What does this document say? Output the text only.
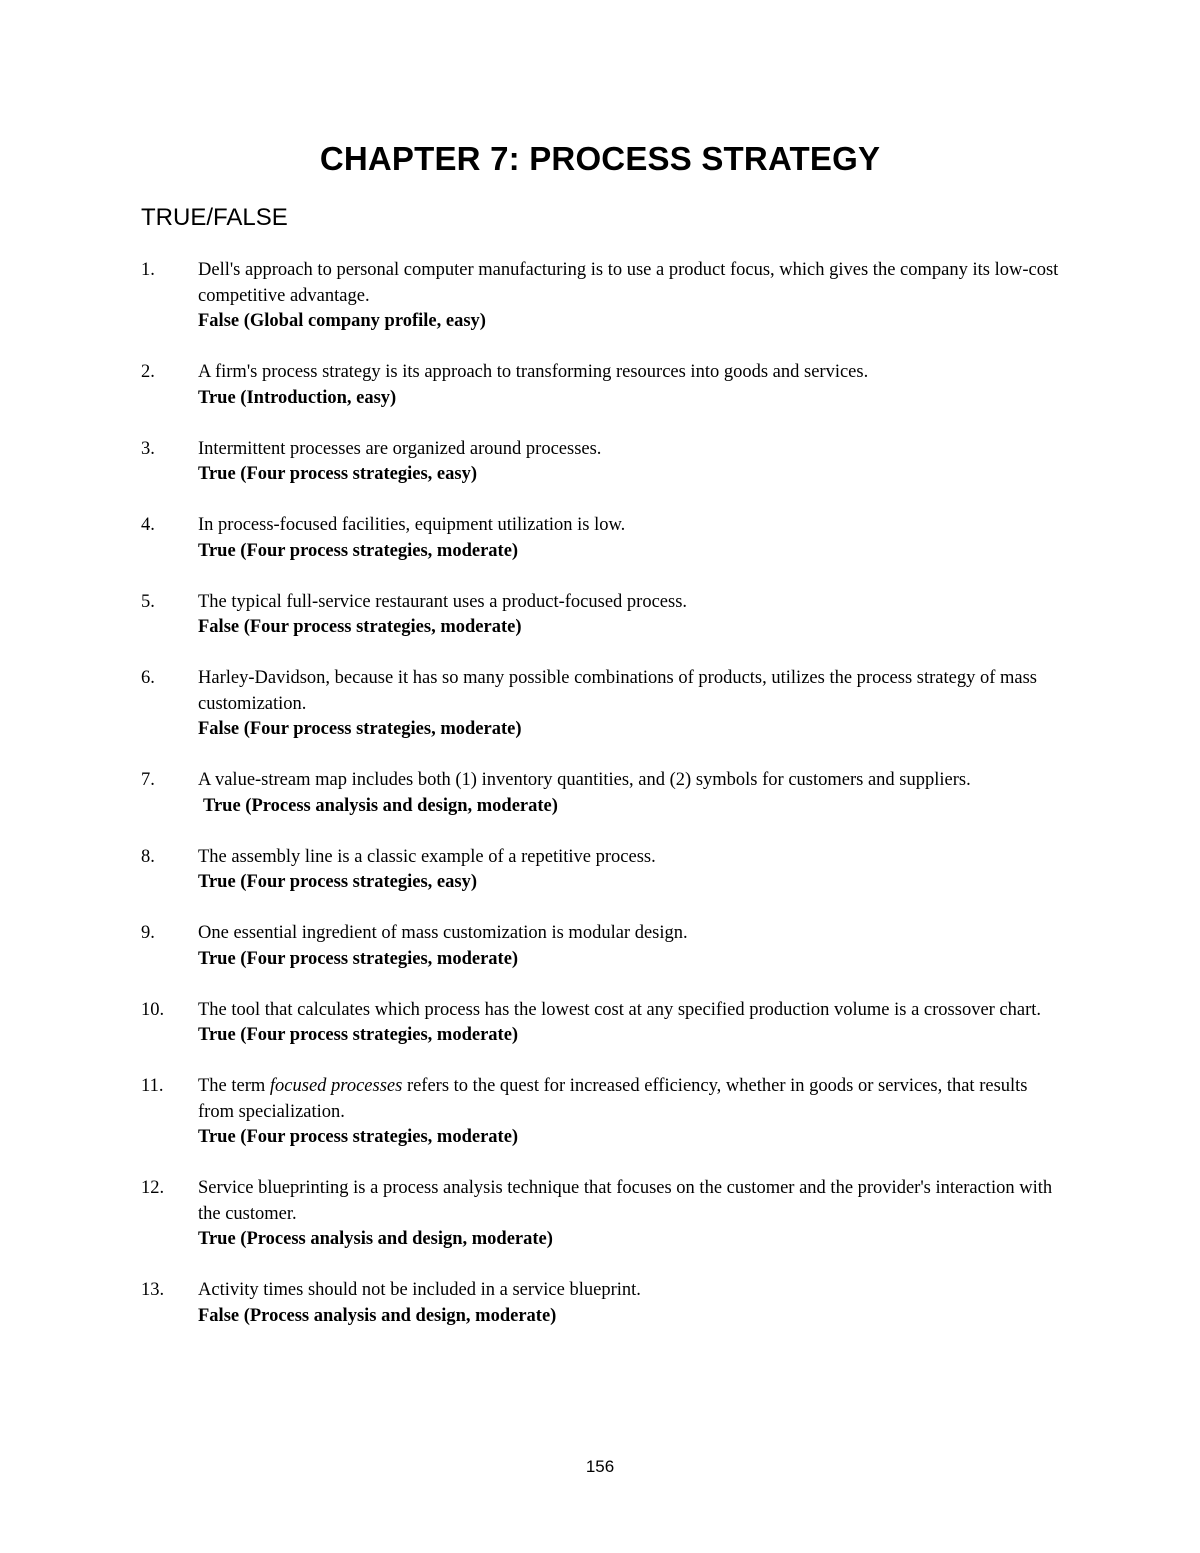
CHAPTER 7: PROCESS STRATEGY
TRUE/FALSE
1. Dell's approach to personal computer manufacturing is to use a product focus, which gives the company its low-cost competitive advantage.
False (Global company profile, easy)
2. A firm's process strategy is its approach to transforming resources into goods and services.
True (Introduction, easy)
3. Intermittent processes are organized around processes.
True (Four process strategies, easy)
4. In process-focused facilities, equipment utilization is low.
True (Four process strategies, moderate)
5. The typical full-service restaurant uses a product-focused process.
False (Four process strategies, moderate)
6. Harley-Davidson, because it has so many possible combinations of products, utilizes the process strategy of mass customization.
False (Four process strategies, moderate)
7. A value-stream map includes both (1) inventory quantities, and (2) symbols for customers and suppliers.
True (Process analysis and design, moderate)
8. The assembly line is a classic example of a repetitive process.
True (Four process strategies, easy)
9. One essential ingredient of mass customization is modular design.
True (Four process strategies, moderate)
10. The tool that calculates which process has the lowest cost at any specified production volume is a crossover chart.
True (Four process strategies, moderate)
11. The term focused processes refers to the quest for increased efficiency, whether in goods or services, that results from specialization.
True (Four process strategies, moderate)
12. Service blueprinting is a process analysis technique that focuses on the customer and the provider's interaction with the customer.
True (Process analysis and design, moderate)
13. Activity times should not be included in a service blueprint.
False (Process analysis and design, moderate)
156
